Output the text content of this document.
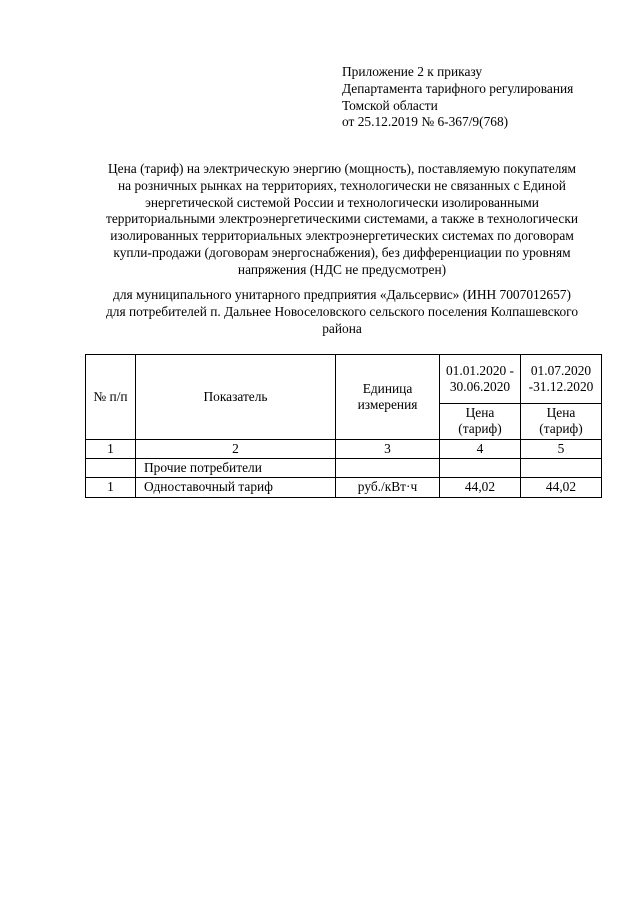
Приложение 2 к приказу
Департамента тарифного регулирования
Томской области
от 25.12.2019 № 6-367/9(768)
Цена (тариф) на электрическую энергию (мощность), поставляемую покупателям
на розничных рынках на территориях, технологически не связанных с Единой
энергетической системой России и технологически изолированными
территориальными электроэнергетическими системами, а также в технологически
изолированных территориальных электроэнергетических системах по договорам
купли-продажи (договорам энергоснабжения), без дифференциации по уровням
напряжения (НДС не предусмотрен)
для муниципального унитарного предприятия «Дальсервис» (ИНН 7007012657)
для потребителей п. Дальнее Новоселовского сельского поселения Колпашевского
района
№ п/п	Показатель	Единица измерения	01.01.2020 - 30.06.2020	01.07.2020 -31.12.2020
			Цена (тариф)	Цена (тариф)
1	2	3	4	5
	Прочие потребители			
1	Одноставочный тариф	руб./кВт·ч	44,02	44,02
